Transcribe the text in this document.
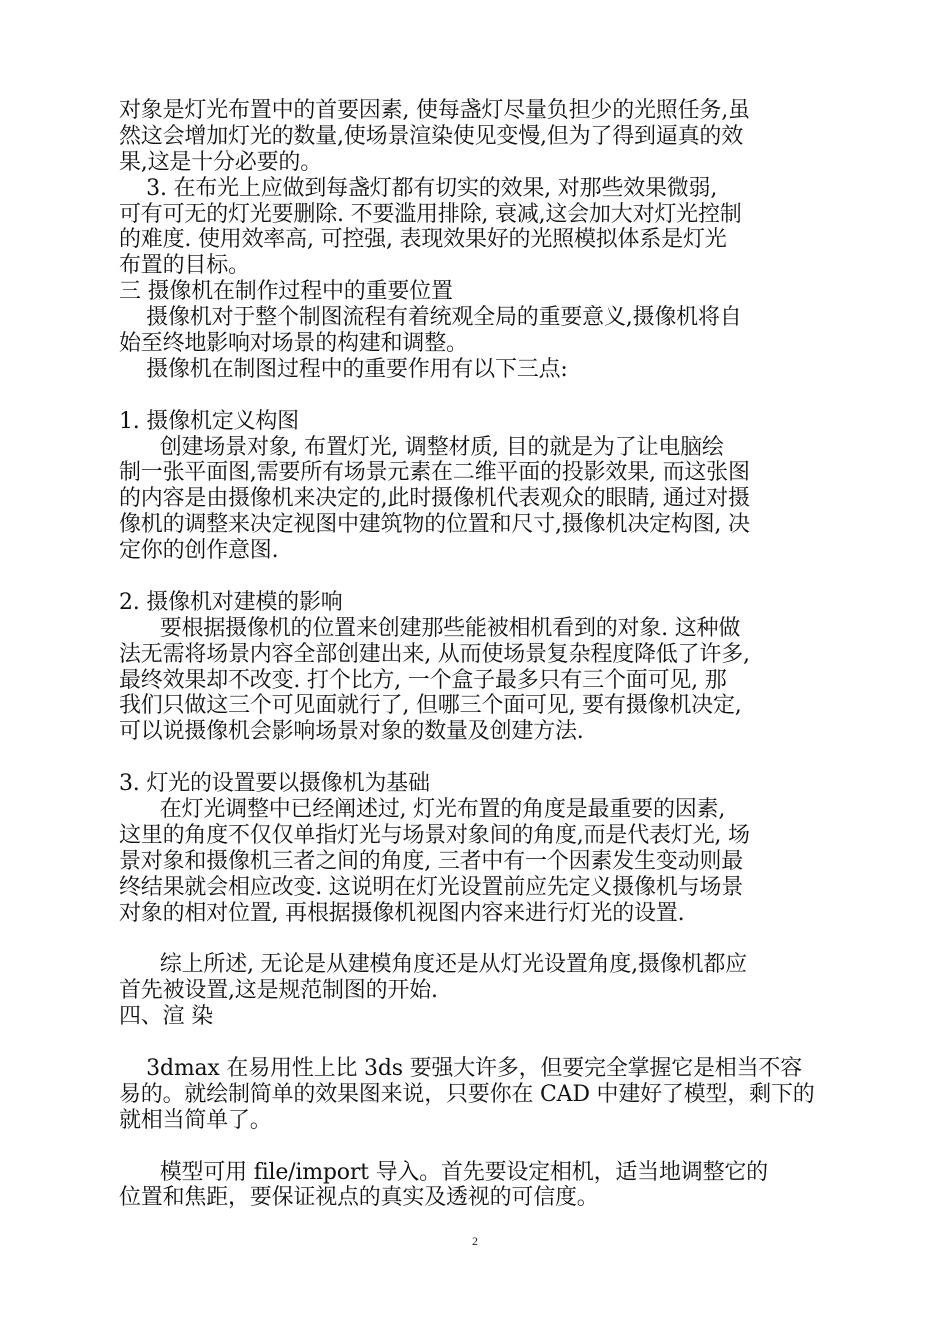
对象是灯光布置中的首要因素, 使每盏灯尽量负担少的光照任务,虽
然这会增加灯光的数量,使场景渲染使见变慢,但为了得到逼真的效
果,这是十分必要的。
3. 在布光上应做到每盏灯都有切实的效果, 对那些效果微弱,
可有可无的灯光要删除. 不要滥用排除, 衰减,这会加大对灯光控制
的难度. 使用效率高, 可控强, 表现效果好的光照模拟体系是灯光
布置的目标。
三 摄像机在制作过程中的重要位置
摄像机对于整个制图流程有着统观全局的重要意义,摄像机将自
始至终地影响对场景的构建和调整。
摄像机在制图过程中的重要作用有以下三点:
1. 摄像机定义构图
创建场景对象, 布置灯光, 调整材质, 目的就是为了让电脑绘
制一张平面图,需要所有场景元素在二维平面的投影效果, 而这张图
的内容是由摄像机来决定的,此时摄像机代表观众的眼睛, 通过对摄
像机的调整来决定视图中建筑物的位置和尺寸,摄像机决定构图, 决
定你的创作意图.
2. 摄像机对建模的影响
要根据摄像机的位置来创建那些能被相机看到的对象. 这种做
法无需将场景内容全部创建出来, 从而使场景复杂程度降低了许多,
最终效果却不改变. 打个比方, 一个盒子最多只有三个面可见, 那
我们只做这三个可见面就行了, 但哪三个面可见, 要有摄像机决定,
可以说摄像机会影响场景对象的数量及创建方法.
3. 灯光的设置要以摄像机为基础
在灯光调整中已经阐述过, 灯光布置的角度是最重要的因素,
这里的角度不仅仅单指灯光与场景对象间的角度,而是代表灯光, 场
景对象和摄像机三者之间的角度, 三者中有一个因素发生变动则最
终结果就会相应改变. 这说明在灯光设置前应先定义摄像机与场景
对象的相对位置, 再根据摄像机视图内容来进行灯光的设置.
综上所述, 无论是从建模角度还是从灯光设置角度,摄像机都应
首先被设置,这是规范制图的开始.
四、渲 染
3dmax 在易用性上比 3ds 要强大许多，但要完全掌握它是相当不容
易的。就绘制简单的效果图来说，只要你在 CAD 中建好了模型，剩下的
就相当简单了。
模型可用 file/import 导入。首先要设定相机，适当地调整它的
位置和焦距，要保证视点的真实及透视的可信度。
2
